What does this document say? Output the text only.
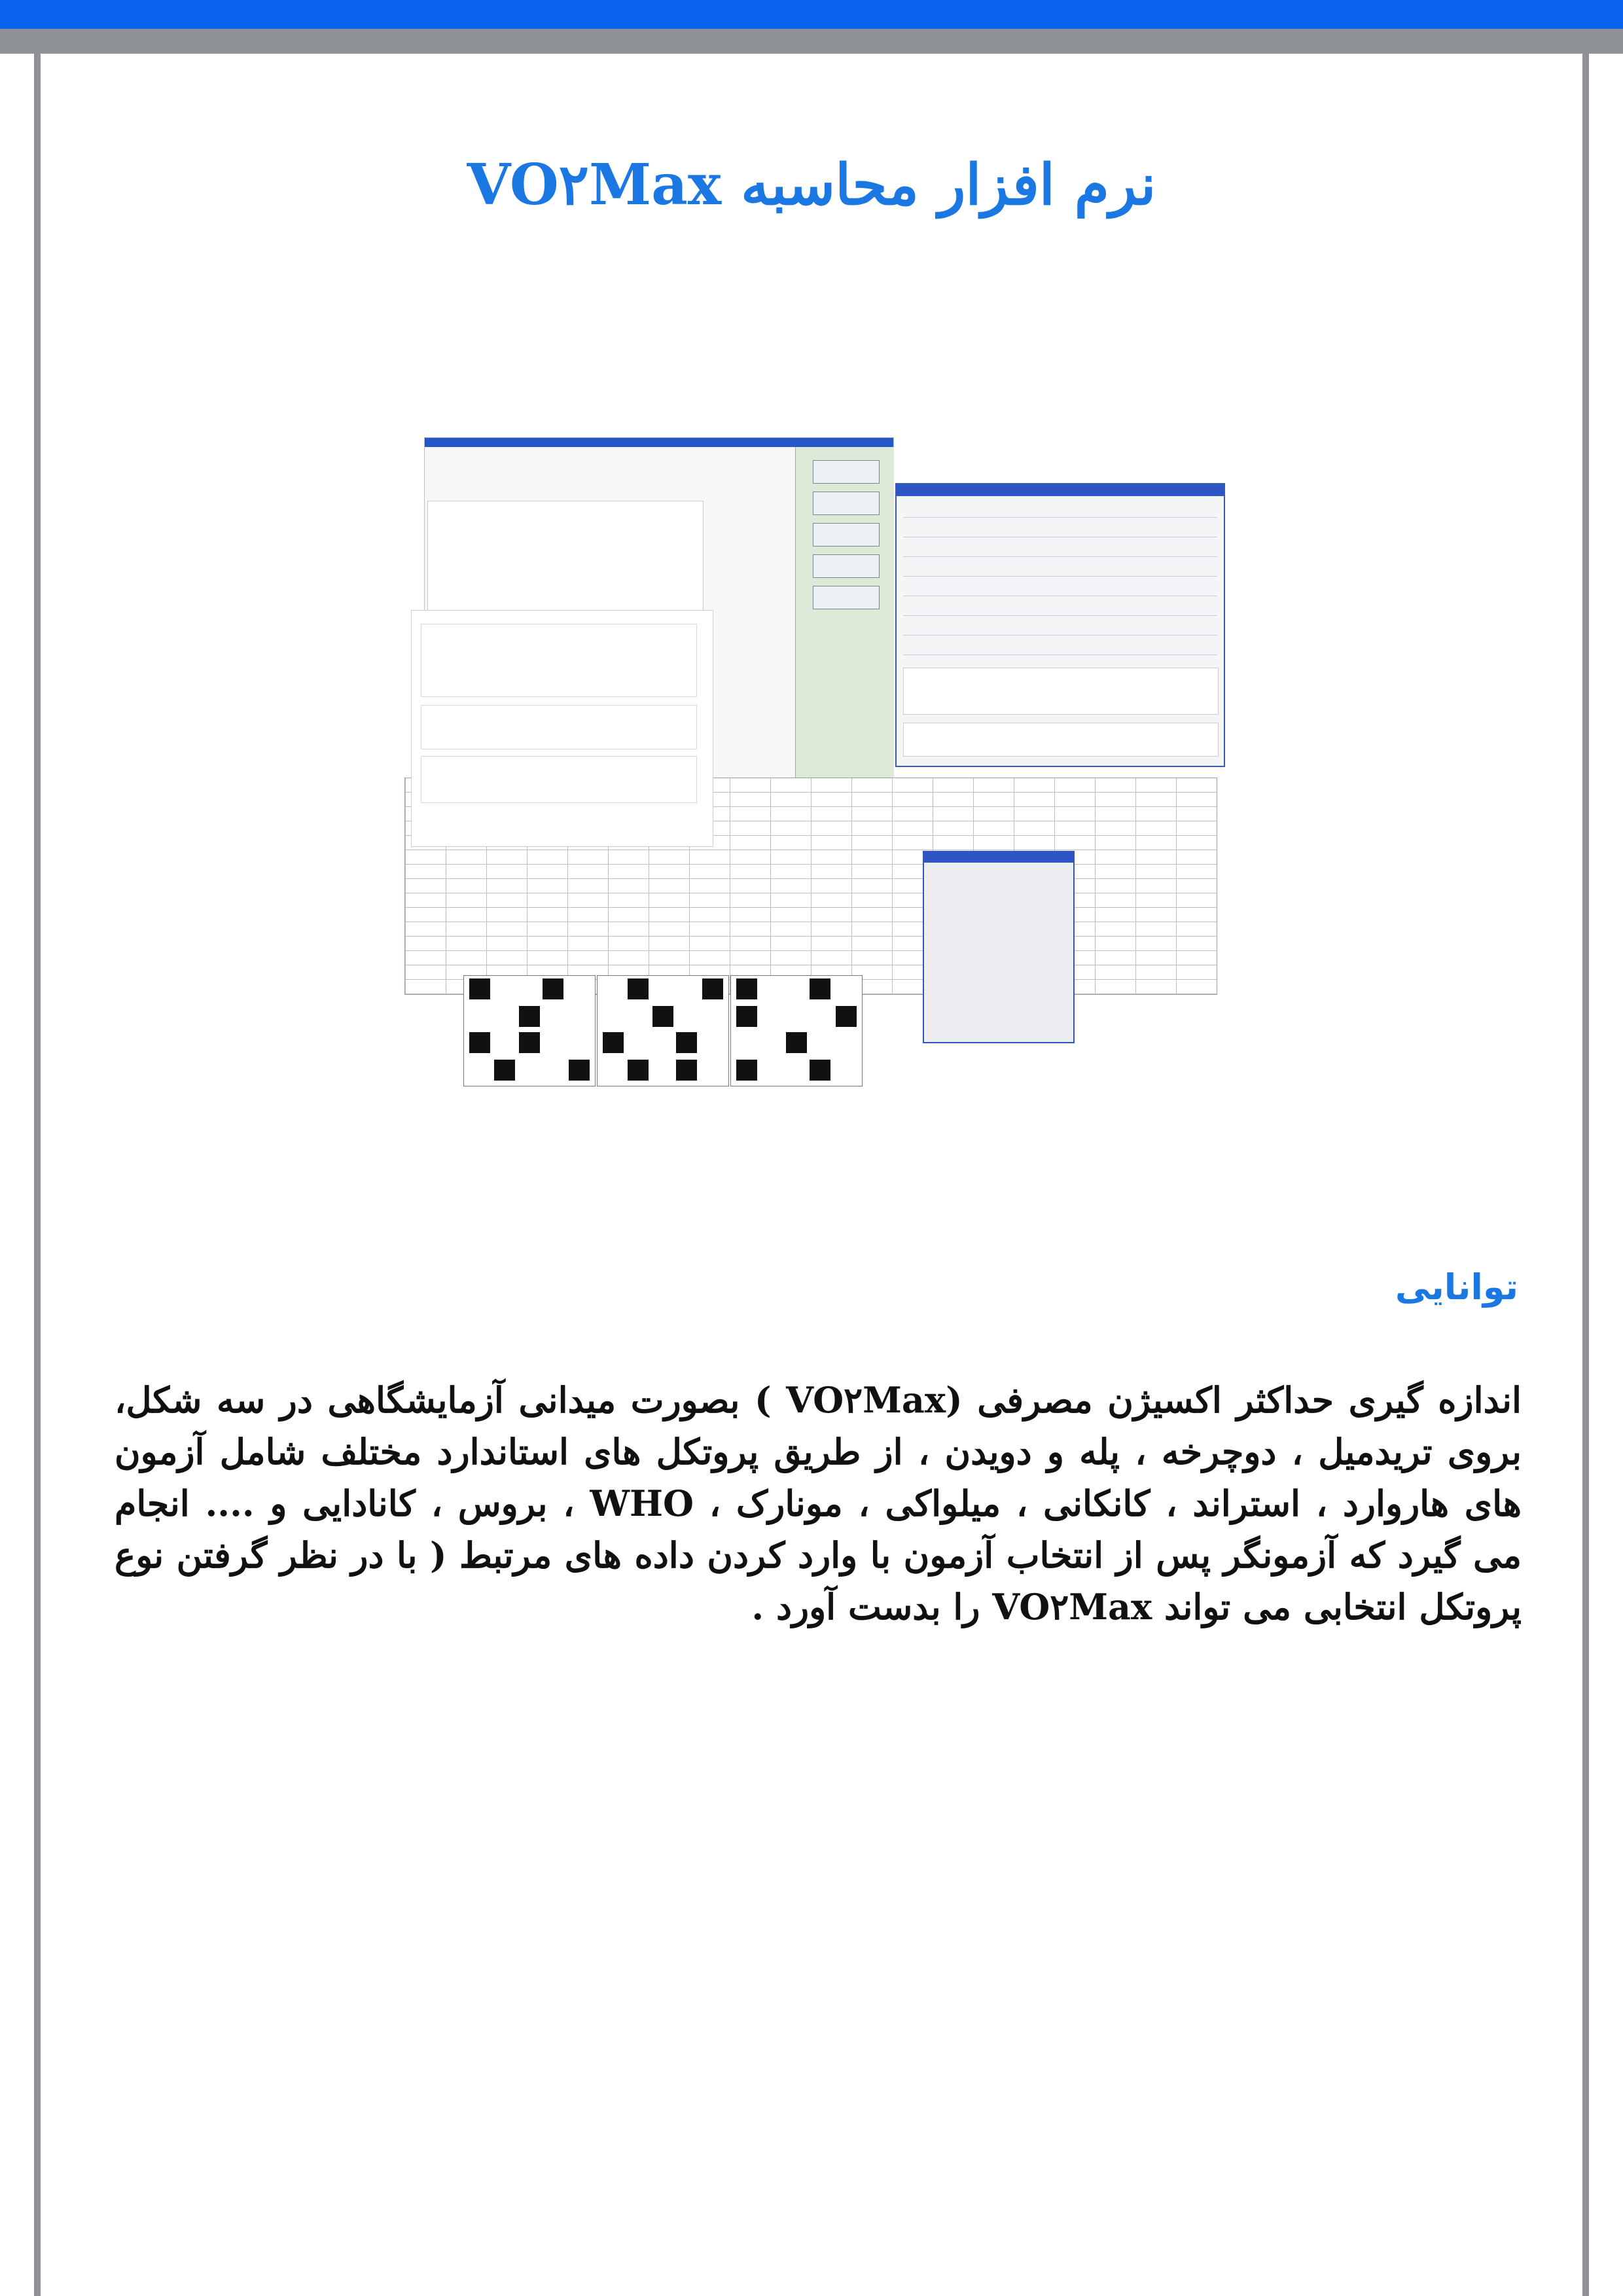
نرم افزار محاسبه VO۲Max
توانایی

اندازه گیری حداکثر اکسیژن مصرفی (VO۲Max ) بصورت میدانی آزمایشگاهی در سه شکل، بروی تریدمیل ، دوچرخه ، پله و دویدن ، از طریق پروتکل های استاندارد مختلف شامل آزمون های هاروارد ، استراند ، کانکانی ، میلواکی ، مونارک ، WHO ، بروس ، کانادایی و .... انجام می گیرد که آزمونگر پس از انتخاب آزمون با وارد کردن داده های مرتبط ( با در نظر گرفتن نوع پروتکل انتخابی می تواند VO۲Max را بدست آورد .
